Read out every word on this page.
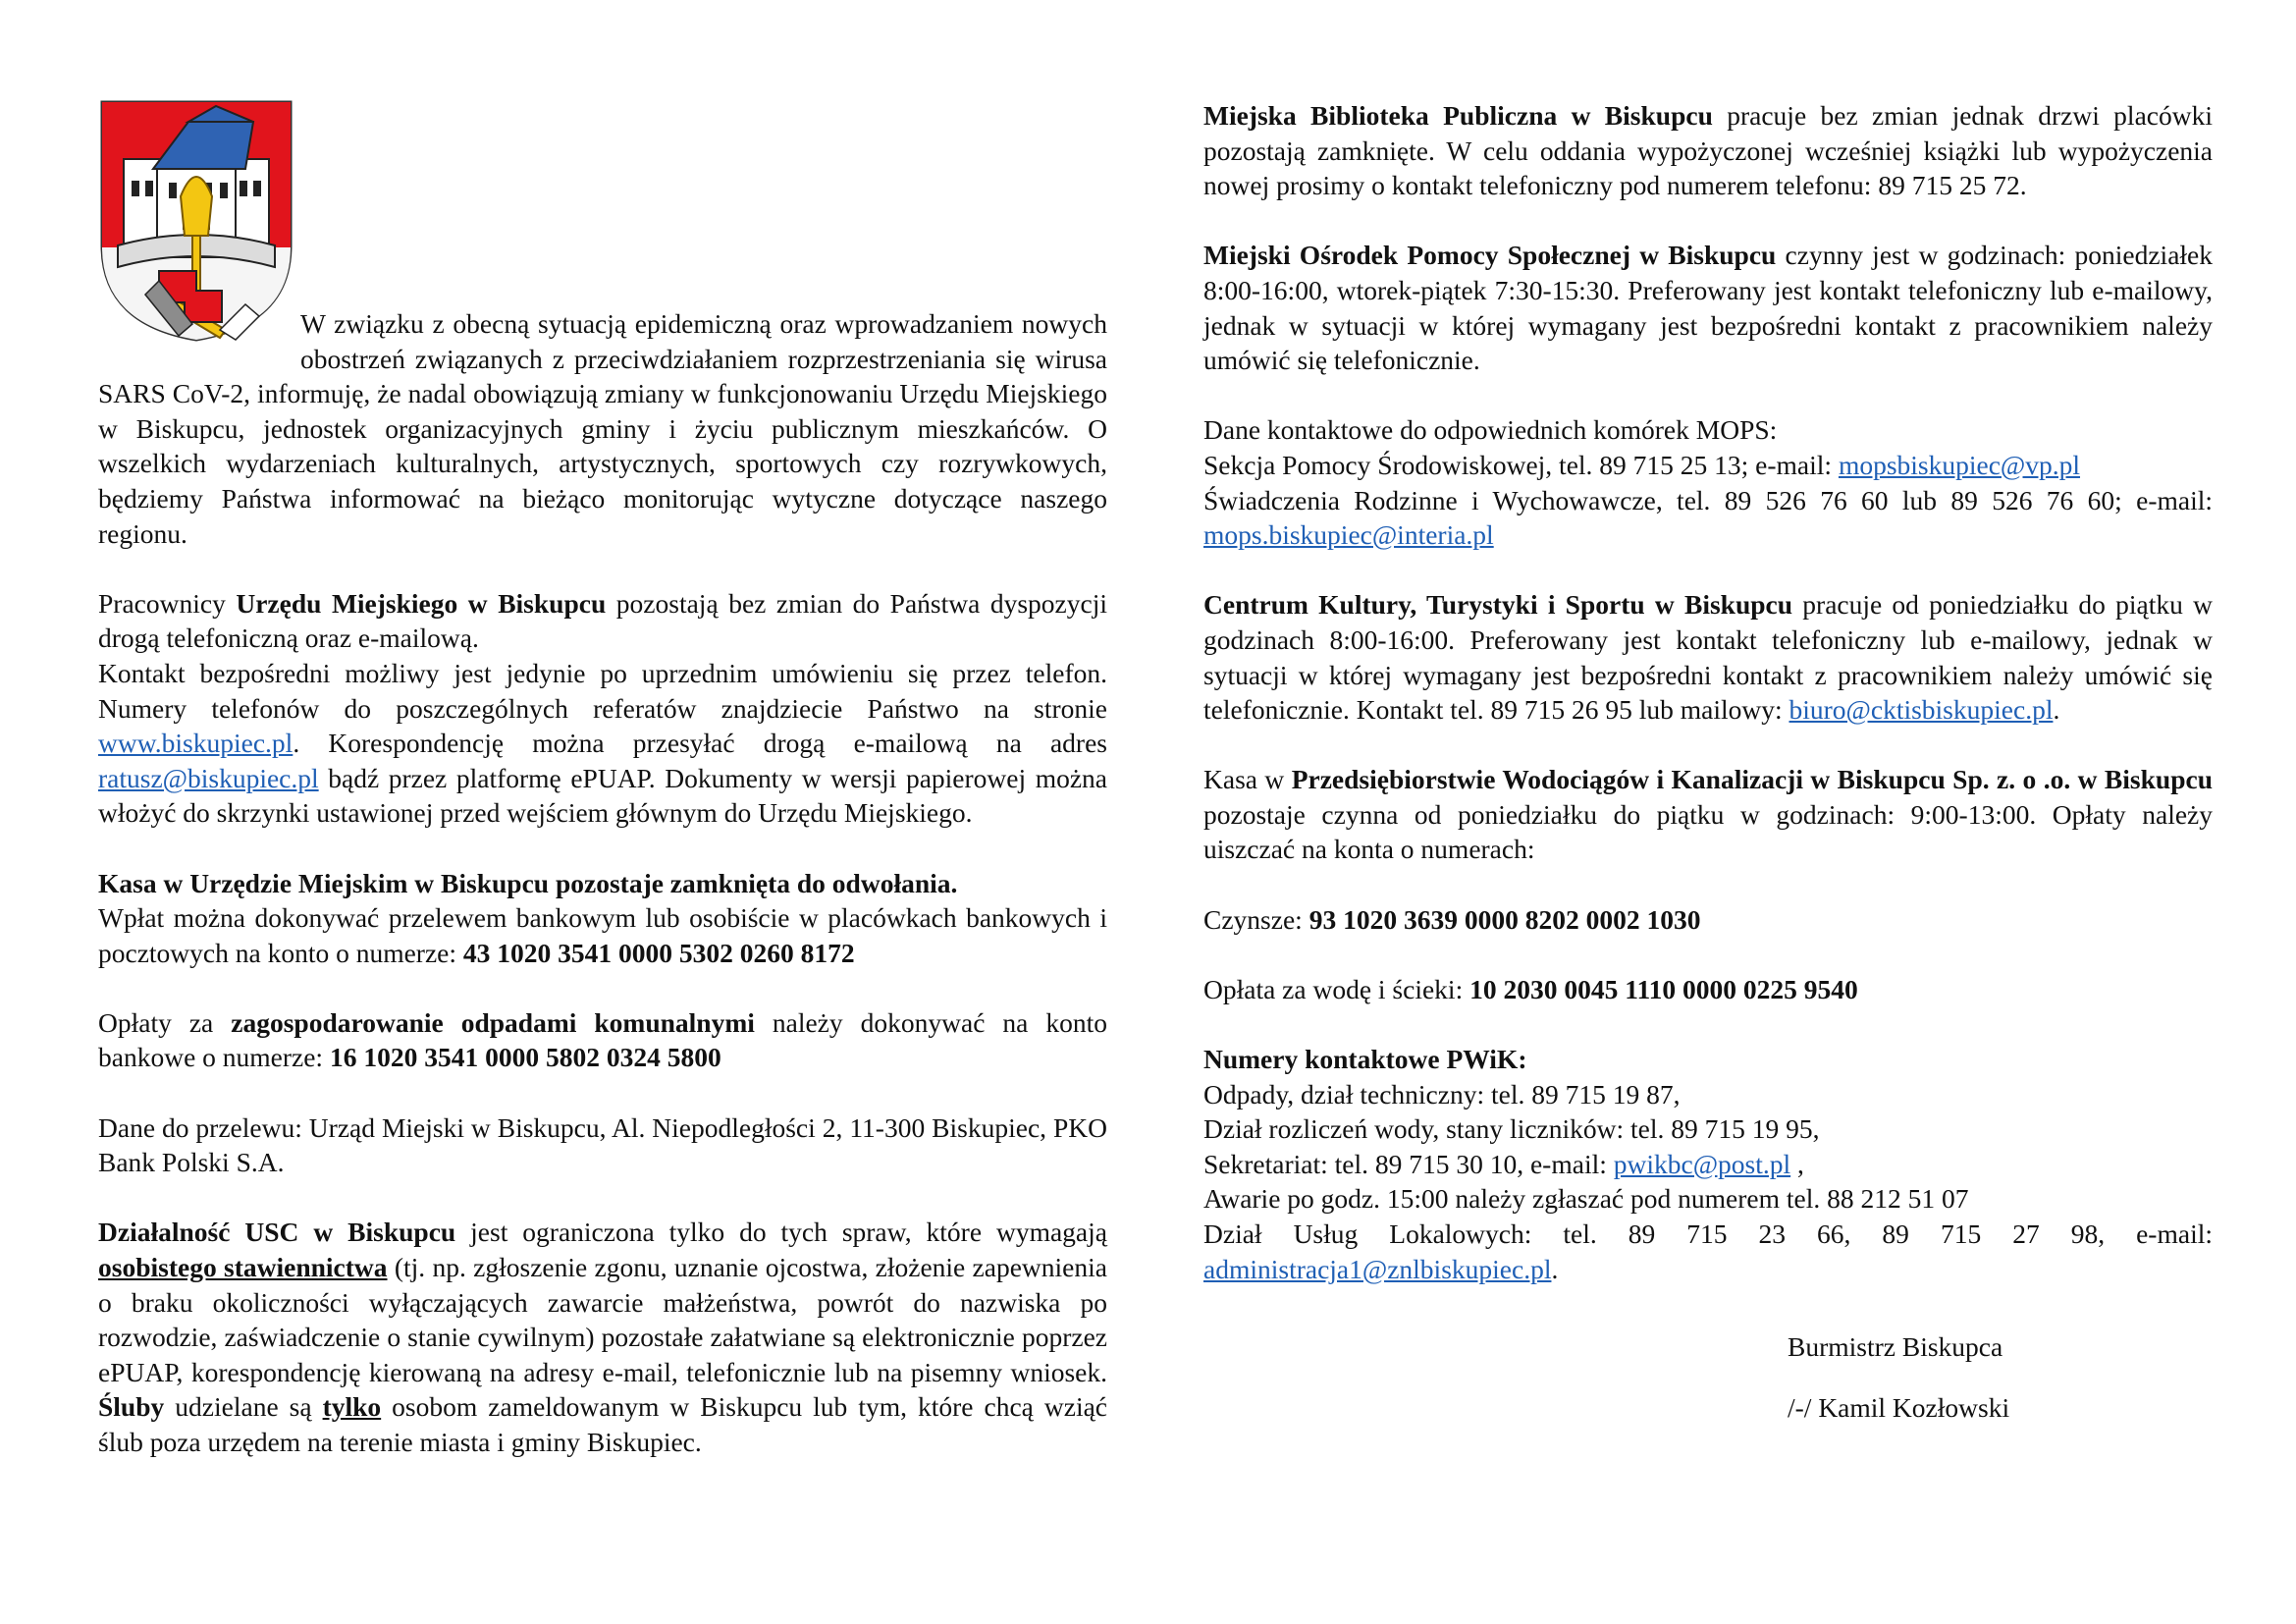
W związku z obecną sytuacją epidemiczną oraz wprowadzaniem nowych obostrzeń związanych z przeciwdziałaniem rozprzestrzeniania się wirusa SARS CoV-2, informuję, że nadal obowiązują zmiany w funkcjonowaniu Urzędu Miejskiego w Biskupcu, jednostek organizacyjnych gminy i życiu publicznym mieszkańców. O wszelkich wydarzeniach kulturalnych, artystycznych, sportowych czy rozrywkowych, będziemy Państwa informować na bieżąco monitorując wytyczne dotyczące naszego regionu.

Pracownicy Urzędu Miejskiego w Biskupcu pozostają bez zmian do Państwa dyspozycji drogą telefoniczną oraz e-mailową.

Kontakt bezpośredni możliwy jest jedynie po uprzednim umówieniu się przez telefon. Numery telefonów do poszczególnych referatów znajdziecie Państwo na stronie www.biskupiec.pl. Korespondencję można przesyłać drogą e-mailową na adres ratusz@biskupiec.pl bądź przez platformę ePUAP. Dokumenty w wersji papierowej można włożyć do skrzynki ustawionej przed wejściem głównym do Urzędu Miejskiego.

Kasa w Urzędzie Miejskim w Biskupcu pozostaje zamknięta do odwołania.

Wpłat można dokonywać przelewem bankowym lub osobiście w placówkach bankowych i pocztowych na konto o numerze: 43 1020 3541 0000 5302 0260 8172

Opłaty za zagospodarowanie odpadami komunalnymi należy dokonywać na konto bankowe o numerze: 16 1020 3541 0000 5802 0324 5800

Dane do przelewu: Urząd Miejski w Biskupcu, Al. Niepodległości 2, 11-300 Biskupiec, PKO Bank Polski S.A.

Działalność USC w Biskupcu jest ograniczona tylko do tych spraw, które wymagają osobistego stawiennictwa (tj. np. zgłoszenie zgonu, uznanie ojcostwa, złożenie zapewnienia o braku okoliczności wyłączających zawarcie małżeństwa, powrót do nazwiska po rozwodzie, zaświadczenie o stanie cywilnym) pozostałe załatwiane są elektronicznie poprzez ePUAP, korespondencję kierowaną na adresy e-mail, telefonicznie lub na pisemny wniosek. Śluby udzielane są tylko osobom zameldowanym w Biskupcu lub tym, które chcą wziąć ślub poza urzędem na terenie miasta i gminy Biskupiec.

Miejska Biblioteka Publiczna w Biskupcu pracuje bez zmian jednak drzwi placówki pozostają zamknięte. W celu oddania wypożyczonej wcześniej książki lub wypożyczenia nowej prosimy o kontakt telefoniczny pod numerem telefonu: 89 715 25 72.

Miejski Ośrodek Pomocy Społecznej w Biskupcu czynny jest w godzinach: poniedziałek 8:00-16:00, wtorek-piątek 7:30-15:30. Preferowany jest kontakt telefoniczny lub e-mailowy, jednak w sytuacji w której wymagany jest bezpośredni kontakt z pracownikiem należy umówić się telefonicznie.

Dane kontaktowe do odpowiednich komórek MOPS:
Sekcja Pomocy Środowiskowej, tel. 89 715 25 13; e-mail: mopsbiskupiec@vp.pl
Świadczenia Rodzinne i Wychowawcze, tel. 89 526 76 60 lub 89 526 76 60; e-mail: mops.biskupiec@interia.pl

Centrum Kultury, Turystyki i Sportu w Biskupcu pracuje od poniedziałku do piątku w godzinach 8:00-16:00. Preferowany jest kontakt telefoniczny lub e-mailowy, jednak w sytuacji w której wymagany jest bezpośredni kontakt z pracownikiem należy umówić się telefonicznie. Kontakt tel. 89 715 26 95 lub mailowy: biuro@cktisbiskupiec.pl.

Kasa w Przedsiębiorstwie Wodociągów i Kanalizacji w Biskupcu Sp. z. o .o. w Biskupcu pozostaje czynna od poniedziałku do piątku w godzinach: 9:00-13:00. Opłaty należy uiszczać na konta o numerach:

Czynsze: 93 1020 3639 0000 8202 0002 1030

Opłata za wodę i ścieki: 10 2030 0045 1110 0000 0225 9540

Numery kontaktowe PWiK:
Odpady, dział techniczny: tel. 89 715 19 87,
Dział rozliczeń wody, stany liczników: tel. 89 715 19 95,
Sekretariat: tel. 89 715 30 10, e-mail: pwikbc@post.pl ,
Awarie po godz. 15:00 należy zgłaszać pod numerem tel. 88 212 51 07
Dział Usług Lokalowych: tel. 89 715 23 66, 89 715 27 98, e-mail: administracja1@znlbiskupiec.pl.

Burmistrz Biskupca

/-/ Kamil Kozłowski
